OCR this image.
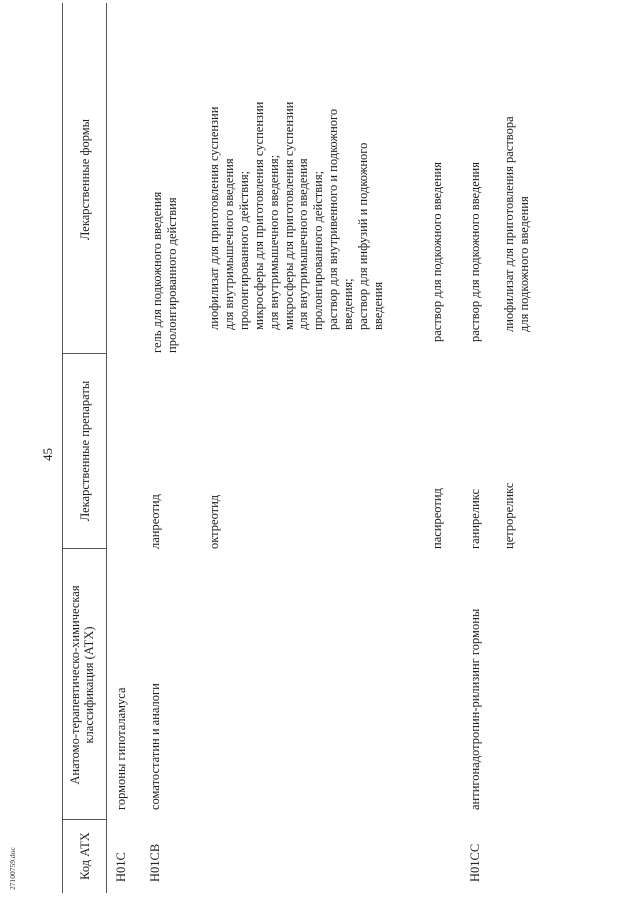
45
Код АТХ
Анатомо-терапевтическо-химическая классификация (АТХ)
Лекарственные препараты
Лекарственные формы
H01C
гормоны гипоталамуса
H01CB
соматостатин и аналоги
ланреотид
гель для подкожного введения пролонгированного действия
октреотид
лиофилизат для приготовления суспензии для внутримышечного введения пролонгированного действия; микросферы для приготовления суспензии для внутримышечного введения; микросферы для приготовления суспензии для внутримышечного введения пролонгированного действия; раствор для внутривенного и подкожного введения; раствор для инфузий и подкожного введения
пасиреотид
раствор для подкожного введения
H01CC
антигонадотропин-рилизинг гормоны
ганиреликс
раствор для подкожного введения
цетрореликс
лиофилизат для приготовления раствора для подкожного введения
27100759.doc
